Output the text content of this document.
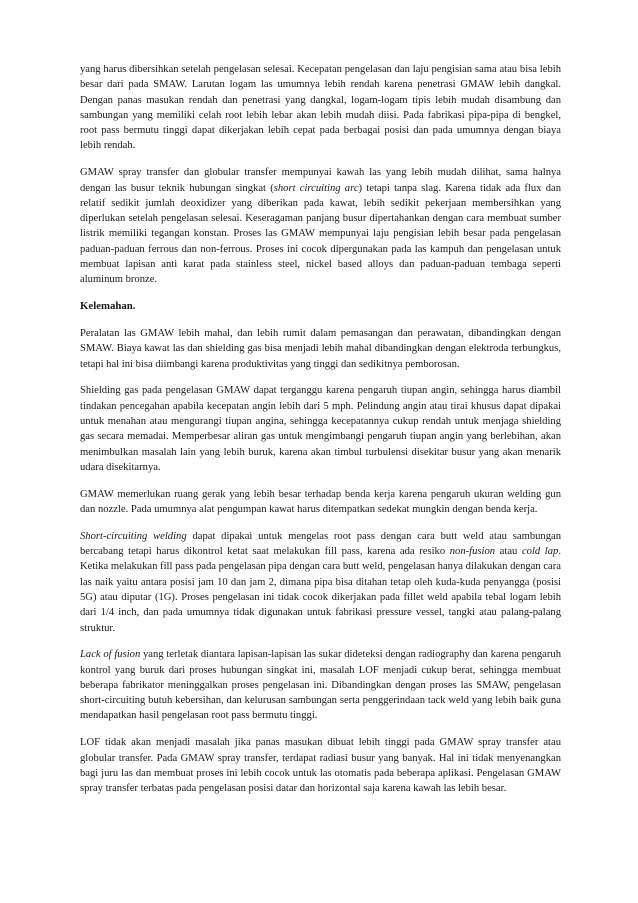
yang harus dibersihkan setelah pengelasan selesai. Kecepatan pengelasan dan laju pengisian sama atau bisa lebih besar dari pada SMAW. Larutan logam las umumnya lebih rendah karena penetrasi GMAW lebih dangkal. Dengan panas masukan rendah dan penetrasi yang dangkal, logam-logam tipis lebih mudah disambung dan sambungan yang memiliki celah root lebih lebar akan lebih mudah diisi. Pada fabrikasi pipa-pipa di bengkel, root pass bermutu tinggi dapat dikerjakan lebih cepat pada berbagai posisi dan pada umumnya dengan biaya lebih rendah.

GMAW spray transfer dan globular transfer mempunyai kawah las yang lebih mudah dilihat, sama halnya dengan las busur teknik hubungan singkat (short circuiting arc) tetapi tanpa slag. Karena tidak ada flux dan relatif sedikit jumlah deoxidizer yang diberikan pada kawat, lebih sedikit pekerjaan membersihkan yang diperlukan setelah pengelasan selesai. Keseragaman panjang busur dipertahankan dengan cara membuat sumber listrik memiliki tegangan konstan. Proses las GMAW mempunyai laju pengisian lebih besar pada pengelasan paduan-paduan ferrous dan non-ferrous. Proses ini cocok dipergunakan pada las kampuh dan pengelasan untuk membuat lapisan anti karat pada stainless steel, nickel based alloys dan paduan-paduan tembaga seperti aluminum bronze.

Kelemahan.

Peralatan las GMAW lebih mahal, dan lebih rumit dalam pemasangan dan perawatan, dibandingkan dengan SMAW. Biaya kawat las dan shielding gas bisa menjadi lebih mahal dibandingkan dengan elektroda terbungkus, tetapi hal ini bisa diimbangi karena produktivitas yang tinggi dan sedikitnya pemborosan.

Shielding gas pada pengelasan GMAW dapat terganggu karena pengaruh tiupan angin, sehingga harus diambil tindakan pencegahan apabila kecepatan angin lebih dari 5 mph. Pelindung angin atau tirai khusus dapat dipakai untuk menahan atau mengurangi tiupan angina, sehingga kecepatannya cukup rendah untuk menjaga shielding gas secara memadai. Memperbesar aliran gas untuk mengimbangi pengaruh tiupan angin yang berlebihan, akan menimbulkan masalah lain yang lebih buruk, karena akan timbul turbulensi disekitar busur yang akan menarik udara disekitarnya.

GMAW memerlukan ruang gerak yang lebih besar terhadap benda kerja karena pengaruh ukuran welding gun dan nozzle. Pada umumnya alat pengumpan kawat harus ditempatkan sedekat mungkin dengan benda kerja.

Short-circuiting welding dapat dipakai untuk mengelas root pass dengan cara butt weld atau sambungan bercabang tetapi harus dikontrol ketat saat melakukan fill pass, karena ada resiko non-fusion atau cold lap. Ketika melakukan fill pass pada pengelasan pipa dengan cara butt weld, pengelasan hanya dilakukan dengan cara las naik yaitu antara posisi jam 10 dan jam 2, dimana pipa bisa ditahan tetap oleh kuda-kuda penyangga (posisi 5G) atau diputar (1G). Proses pengelasan ini tidak cocok dikerjakan pada fillet weld apabila tebal logam lebih dari 1/4 inch, dan pada umumnya tidak digunakan untuk fabrikasi pressure vessel, tangki atau palang-palang struktur.

Lack of fusion yang terletak diantara lapisan-lapisan las sukar dideteksi dengan radiography dan karena pengaruh kontrol yang buruk dari proses hubungan singkat ini, masalah LOF menjadi cukup berat, sehingga membuat beberapa fabrikator meninggalkan proses pengelasan ini. Dibandingkan dengan proses las SMAW, pengelasan short-circuiting butuh kebersihan, dan kelurusan sambungan serta penggerindaan tack weld yang lebih baik guna mendapatkan hasil pengelasan root pass bermutu tinggi.

LOF tidak akan menjadi masalah jika panas masukan dibuat lebih tinggi pada GMAW spray transfer atau globular transfer. Pada GMAW spray transfer, terdapat radiasi busur yang banyak. Hal ini tidak menyenangkan bagi juru las dan membuat proses ini lebih cocok untuk las otomatis pada beberapa aplikasi. Pengelasan GMAW spray transfer terbatas pada pengelasan posisi datar dan horizontal saja karena kawah las lebih besar.
